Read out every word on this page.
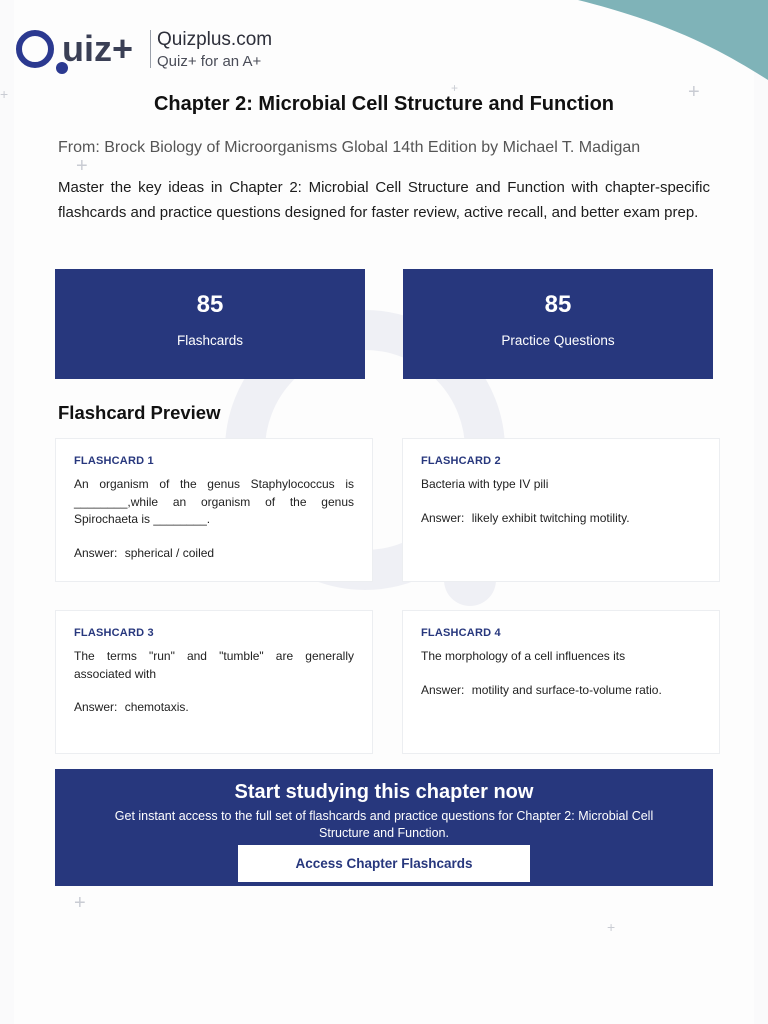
+
+
+
+
+	+
uiz+ Quizplus.com
Quiz+ for an A+
Chapter 2: Microbial Cell Structure and Function
From: Brock Biology of Microorganisms Global 14th Edition by Michael T. Madigan

Master the key ideas in Chapter 2: Microbial Cell Structure and Function with chapter-specific flashcards and practice questions designed for faster review, active recall, and better exam prep.

85
Flashcards
85
Practice Questions
Flashcard Preview
FLASHCARD 1
An organism of the genus Staphylococcus is ________,while an organism of the genus Spirochaeta is ________.
Answer: spherical / coiled
FLASHCARD 2
Bacteria with type IV pili
Answer: likely exhibit twitching motility.
FLASHCARD 3
The terms "run" and "tumble" are generally associated with
Answer: chemotaxis.
FLASHCARD 4
The morphology of a cell influences its
Answer: motility and surface-to-volume ratio.
Start studying this chapter now
Get instant access to the full set of flashcards and practice questions for Chapter 2: Microbial Cell Structure and Function.
Access Chapter Flashcards
